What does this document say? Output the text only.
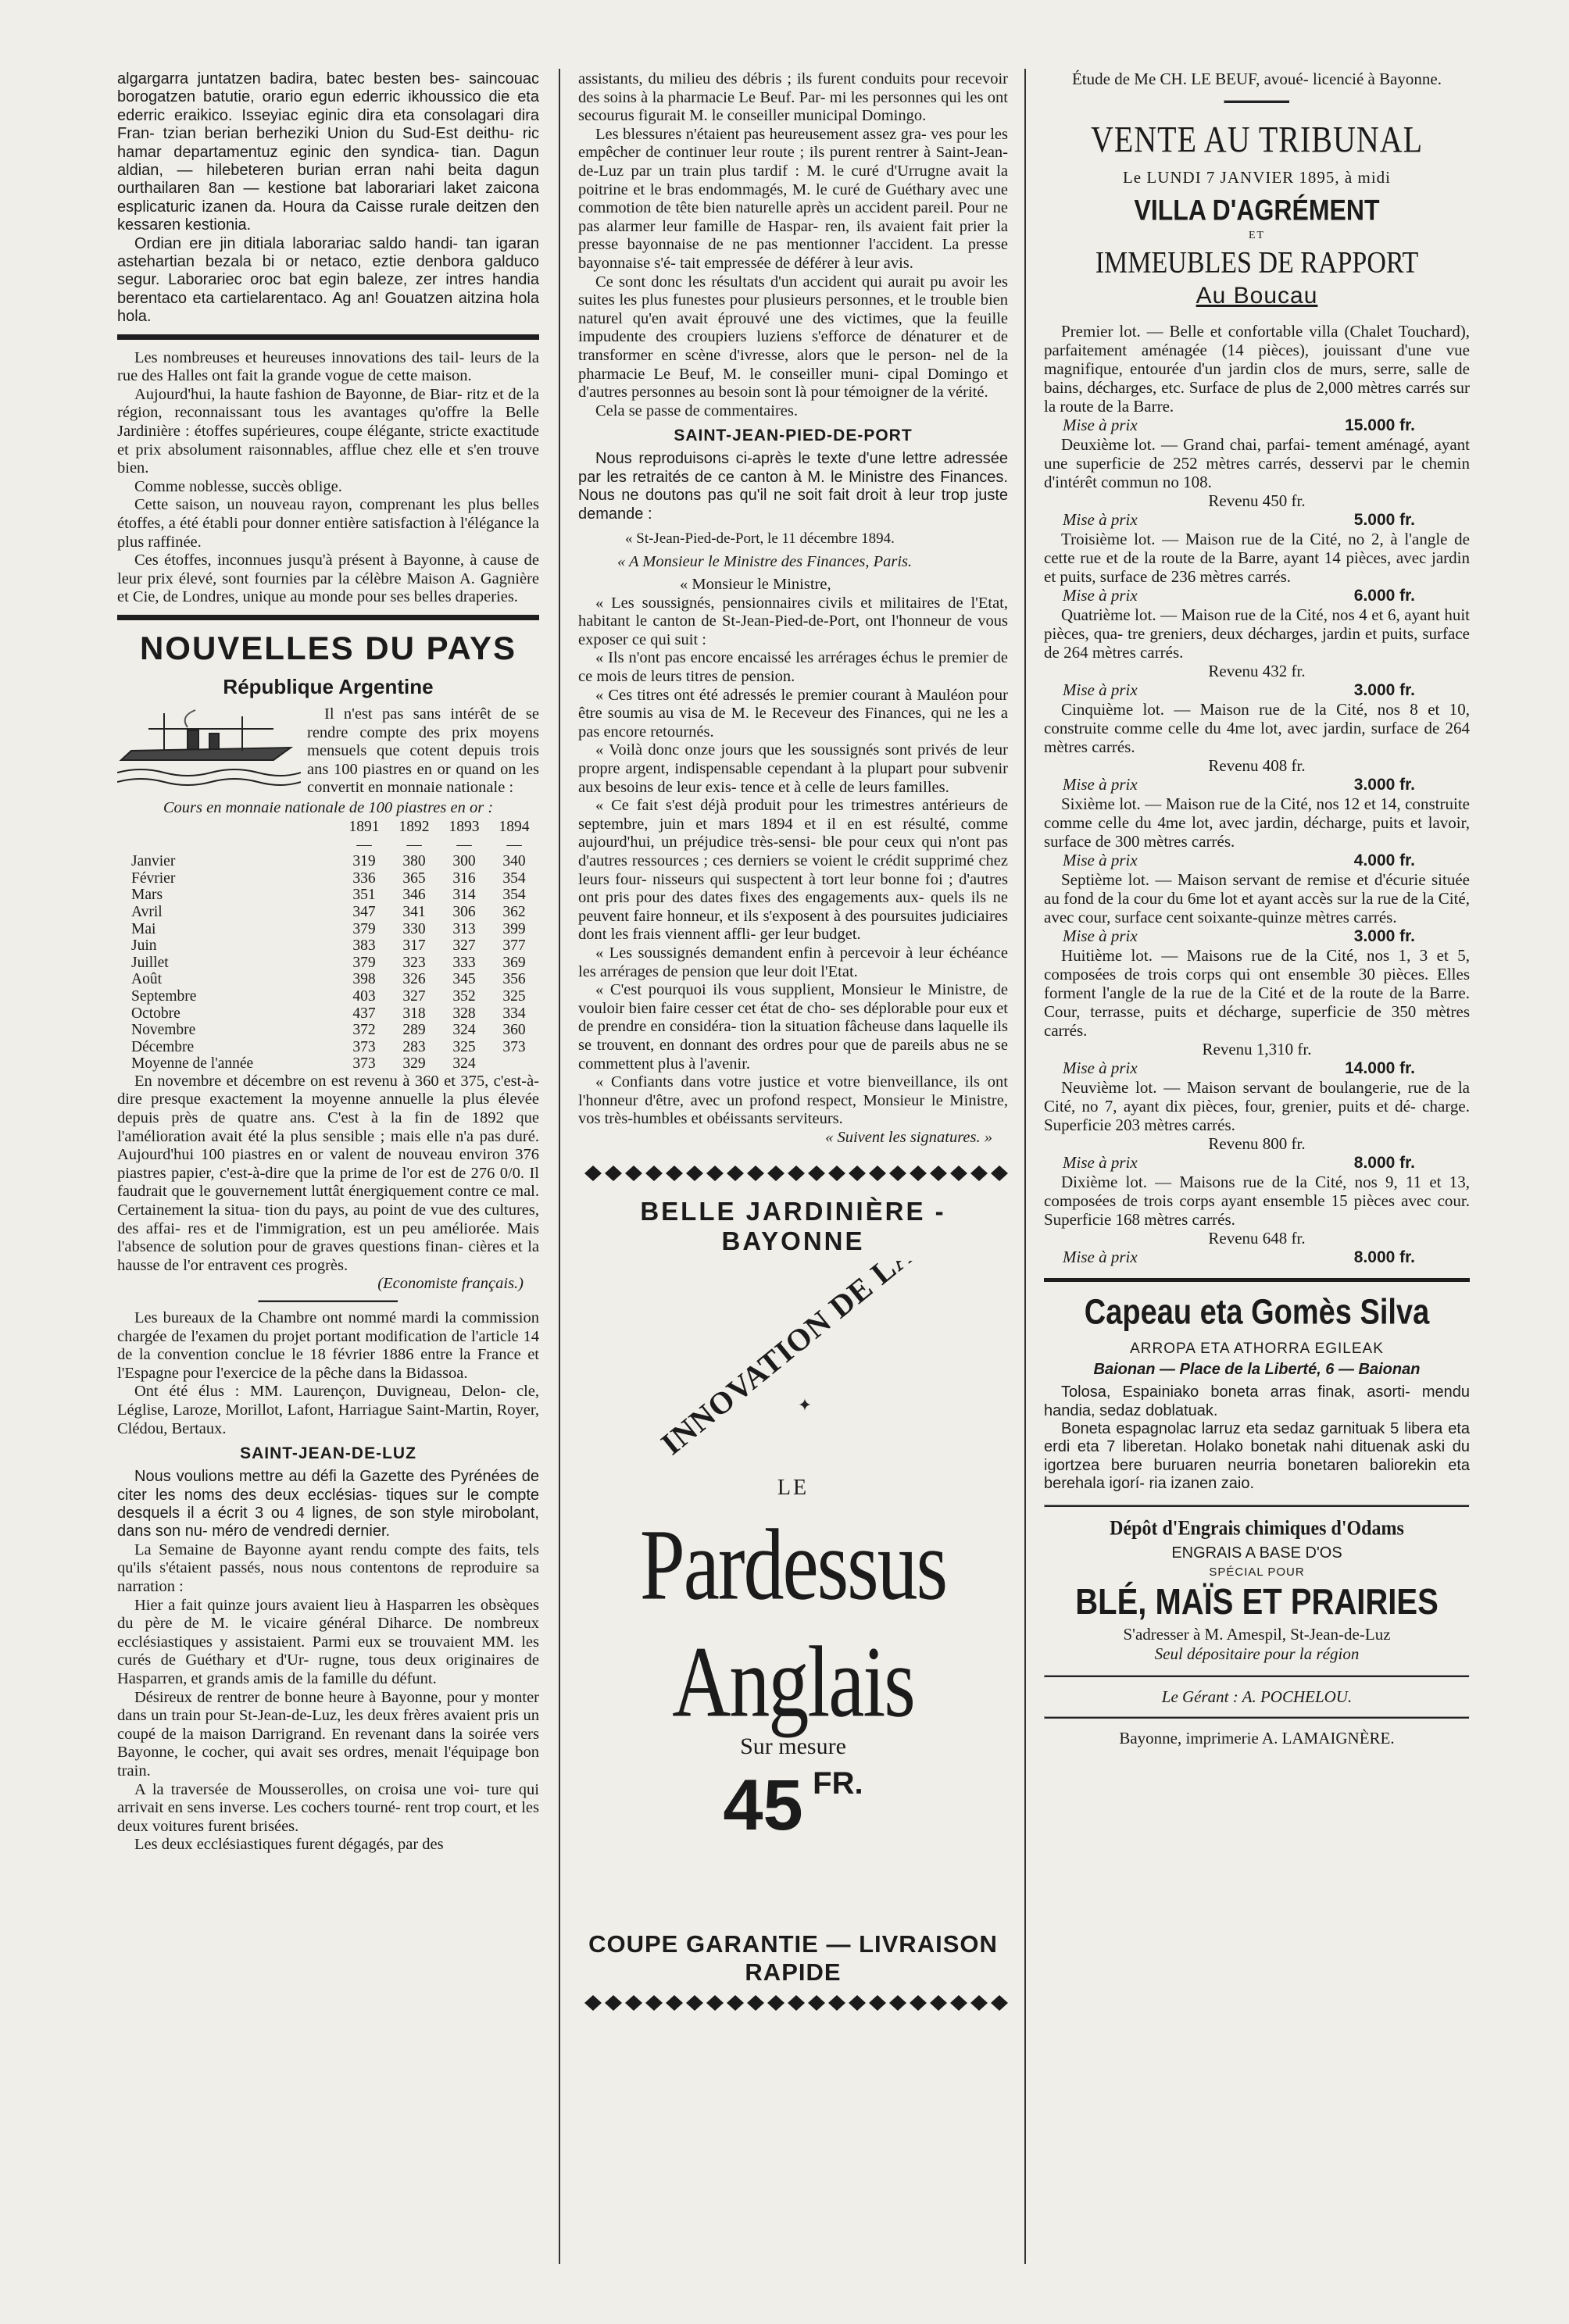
algargarra juntatzen badira, batec besten bes- saincouac borogatzen batutie, orario egun ederric ikhoussico die eta ederric eraikico. Isseyiac eginic dira eta consolagari dira Fran- tzian berian berheziki Union du Sud-Est deithu- ric hamar departamentuz eginic den syndica- tian. Dagun aldian, — hilebeteren burian erran nahi beita dagun ourthailaren 8an — kestione bat laborariari laket zaicona esplicaturic izanen da. Houra da Caisse rurale deitzen den kessaren kestionia.

Ordian ere jin ditiala laborariac saldo handi- tan igaran astehartian bezala bi or netaco, eztie denbora galduco segur. Laborariec oroc bat egin baleze, zer intres handia berentaco eta cartielarentaco. Ag an! Gouatzen aitzina hola hola.

Les nombreuses et heureuses innovations des tail- leurs de la rue des Halles ont fait la grande vogue de cette maison.

Aujourd'hui, la haute fashion de Bayonne, de Biar- ritz et de la région, reconnaissant tous les avantages qu'offre la Belle Jardinière : étoffes supérieures, coupe élégante, stricte exactitude et prix absolument raisonnables, afflue chez elle et s'en trouve bien.

Comme noblesse, succès oblige.

Cette saison, un nouveau rayon, comprenant les plus belles étoffes, a été établi pour donner entière satisfaction à l'élégance la plus raffinée.

Ces étoffes, inconnues jusqu'à présent à Bayonne, à cause de leur prix élevé, sont fournies par la célèbre Maison A. Gagnière et Cie, de Londres, unique au monde pour ses belles draperies.

NOUVELLES DU PAYS
République Argentine

Il n'est pas sans intérêt de se rendre compte des prix moyens mensuels que cotent depuis trois ans 100 piastres en or quand on les convertit en monnaie nationale :

Cours en monnaie nationale de 100 piastres en or :

	1891	1892	1893	1894
	—	—	—	—
Janvier	319	380	300	340
Février	336	365	316	354
Mars	351	346	314	354
Avril	347	341	306	362
Mai	379	330	313	399
Juin	383	317	327	377
Juillet	379	323	333	369
Août	398	326	345	356
Septembre	403	327	352	325
Octobre	437	318	328	334
Novembre	372	289	324	360
Décembre	373	283	325	373
Moyenne de l'année	373	329	324	

En novembre et décembre on est revenu à 360 et 375, c'est-à-dire presque exactement la moyenne annuelle la plus élevée depuis près de quatre ans. C'est à la fin de 1892 que l'amélioration avait été la plus sensible ; mais elle n'a pas duré. Aujourd'hui 100 piastres en or valent de nouveau environ 376 piastres papier, c'est-à-dire que la prime de l'or est de 276 0/0. Il faudrait que le gouvernement luttât énergiquement contre ce mal. Certainement la situa- tion du pays, au point de vue des cultures, des affai- res et de l'immigration, est un peu améliorée. Mais l'absence de solution pour de graves questions finan- cières et la hausse de l'or entravent ces progrès.

(Economiste français.)

Les bureaux de la Chambre ont nommé mardi la commission chargée de l'examen du projet portant modification de l'article 14 de la convention conclue le 18 février 1886 entre la France et l'Espagne pour l'exercice de la pêche dans la Bidassoa.

Ont été élus : MM. Laurençon, Duvigneau, Delon- cle, Léglise, Laroze, Morillot, Lafont, Harriague Saint-Martin, Royer, Clédou, Bertaux.

SAINT-JEAN-DE-LUZ

Nous voulions mettre au défi la Gazette des Pyrénées de citer les noms des deux ecclésias- tiques sur le compte desquels il a écrit 3 ou 4 lignes, de son style mirobolant, dans son nu- méro de vendredi dernier.

La Semaine de Bayonne ayant rendu compte des faits, tels qu'ils s'étaient passés, nous nous contentons de reproduire sa narration :

Hier a fait quinze jours avaient lieu à Hasparren les obsèques du père de M. le vicaire général Diharce. De nombreux ecclésiastiques y assistaient. Parmi eux se trouvaient MM. les curés de Guéthary et d'Ur- rugne, tous deux originaires de Hasparren, et grands amis de la famille du défunt.

Désireux de rentrer de bonne heure à Bayonne, pour y monter dans un train pour St-Jean-de-Luz, les deux frères avaient pris un coupé de la maison Darrigrand. En revenant dans la soirée vers Bayonne, le cocher, qui avait ses ordres, menait l'équipage bon train.

A la traversée de Mousserolles, on croisa une voi- ture qui arrivait en sens inverse. Les cochers tourné- rent trop court, et les deux voitures furent brisées.

Les deux ecclésiastiques furent dégagés, par des

assistants, du milieu des débris ; ils furent conduits pour recevoir des soins à la pharmacie Le Beuf. Par- mi les personnes qui les ont secourus figurait M. le conseiller municipal Domingo.

Les blessures n'étaient pas heureusement assez gra- ves pour les empêcher de continuer leur route ; ils purent rentrer à Saint-Jean-de-Luz par un train plus tardif : M. le curé d'Urrugne avait la poitrine et le bras endommagés, M. le curé de Guéthary avec une commotion de tête bien naturelle après un accident pareil. Pour ne pas alarmer leur famille de Haspar- ren, ils avaient fait prier la presse bayonnaise de ne pas mentionner l'accident. La presse bayonnaise s'é- tait empressée de déférer à leur avis.

Ce sont donc les résultats d'un accident qui aurait pu avoir les suites les plus funestes pour plusieurs personnes, et le trouble bien naturel qu'en avait éprouvé une des victimes, que la feuille impudente des croupiers luziens s'efforce de dénaturer et de transformer en scène d'ivresse, alors que le person- nel de la pharmacie Le Beuf, M. le conseiller muni- cipal Domingo et d'autres personnes au besoin sont là pour témoigner de la vérité.

Cela se passe de commentaires.

SAINT-JEAN-PIED-DE-PORT

Nous reproduisons ci-après le texte d'une lettre adressée par les retraités de ce canton à M. le Ministre des Finances. Nous ne doutons pas qu'il ne soit fait droit à leur trop juste demande :

« St-Jean-Pied-de-Port, le 11 décembre 1894.

« A Monsieur le Ministre des Finances, Paris.

« Monsieur le Ministre,

« Les soussignés, pensionnaires civils et militaires de l'Etat, habitant le canton de St-Jean-Pied-de-Port, ont l'honneur de vous exposer ce qui suit :

« Ils n'ont pas encore encaissé les arrérages échus le premier de ce mois de leurs titres de pension.

« Ces titres ont été adressés le premier courant à Mauléon pour être soumis au visa de M. le Receveur des Finances, qui ne les a pas encore retournés.

« Voilà donc onze jours que les soussignés sont privés de leur propre argent, indispensable cependant à la plupart pour subvenir aux besoins de leur exis- tence et à celle de leurs familles.

« Ce fait s'est déjà produit pour les trimestres antérieurs de septembre, juin et mars 1894 et il en est résulté, comme aujourd'hui, un préjudice très-sensi- ble pour ceux qui n'ont pas d'autres ressources ; ces derniers se voient le crédit supprimé chez leurs four- nisseurs qui suspectent à tort leur bonne foi ; d'autres ont pris pour des dates fixes des engagements aux- quels ils ne peuvent faire honneur, et ils s'exposent à des poursuites judiciaires dont les frais viennent affli- ger leur budget.

« Les soussignés demandent enfin à percevoir à leur échéance les arrérages de pension que leur doit l'Etat.

« C'est pourquoi ils vous supplient, Monsieur le Ministre, de vouloir bien faire cesser cet état de cho- ses déplorable pour eux et de prendre en considéra- tion la situation fâcheuse dans laquelle ils se trouvent, en donnant des ordres pour que de pareils abus ne se commettent plus à l'avenir.

« Confiants dans votre justice et votre bienveillance, ils ont l'honneur d'être, avec un profond respect, Monsieur le Ministre, vos très-humbles et obéissants serviteurs.

« Suivent les signatures. »

BELLE JARDINIÈRE - BAYONNE
INNOVATION DE L
✦
LE
Pardessus Anglais
Sur mesure
45 FR.
COUPE GARANTIE — LIVRAISON RAPIDE

Étude de Me CH. LE BEUF, avoué- licencié à Bayonne.

VENTE AU TRIBUNAL

Le LUNDI 7 JANVIER 1895, à midi

VILLA D'AGRÉMENT
ET
IMMEUBLES DE RAPPORT
Au Boucau

Premier lot. — Belle et confortable villa (Chalet Touchard), parfaitement aménagée (14 pièces), jouissant d'une vue magnifique, entourée d'un jardin clos de murs, serre, salle de bains, décharges, etc. Surface de plus de 2,000 mètres carrés sur la route de la Barre.

Mise à prix	15.000 fr.

Deuxième lot. — Grand chai, parfai- tement aménagé, ayant une superficie de 252 mètres carrés, desservi par le chemin d'intérêt commun no 108.

Revenu 450 fr.
Mise à prix	5.000 fr.

Troisième lot. — Maison rue de la Cité, no 2, à l'angle de cette rue et de la route de la Barre, ayant 14 pièces, avec jardin et puits, surface de 236 mètres carrés.

Mise à prix	6.000 fr.

Quatrième lot. — Maison rue de la Cité, nos 4 et 6, ayant huit pièces, qua- tre greniers, deux décharges, jardin et puits, surface de 264 mètres carrés.

Revenu 432 fr.
Mise à prix	3.000 fr.

Cinquième lot. — Maison rue de la Cité, nos 8 et 10, construite comme celle du 4me lot, avec jardin, surface de 264 mètres carrés.

Revenu 408 fr.
Mise à prix	3.000 fr.

Sixième lot. — Maison rue de la Cité, nos 12 et 14, construite comme celle du 4me lot, avec jardin, décharge, puits et lavoir, surface de 300 mètres carrés.

Mise à prix	4.000 fr.

Septième lot. — Maison servant de remise et d'écurie située au fond de la cour du 6me lot et ayant accès sur la rue de la Cité, avec cour, surface cent soixante-quinze mètres carrés.

Mise à prix	3.000 fr.

Huitième lot. — Maisons rue de la Cité, nos 1, 3 et 5, composées de trois corps qui ont ensemble 30 pièces. Elles forment l'angle de la rue de la Cité et de la route de la Barre. Cour, terrasse, puits et décharge, superficie de 350 mètres carrés.

Revenu 1,310 fr.
Mise à prix	14.000 fr.

Neuvième lot. — Maison servant de boulangerie, rue de la Cité, no 7, ayant dix pièces, four, grenier, puits et dé- charge. Superficie 203 mètres carrés.

Revenu 800 fr.
Mise à prix	8.000 fr.

Dixième lot. — Maisons rue de la Cité, nos 9, 11 et 13, composées de trois corps ayant ensemble 15 pièces avec cour. Superficie 168 mètres carrés.

Revenu 648 fr.
Mise à prix	8.000 fr.
Capeau eta Gomès Silva
ARROPA ETA ATHORRA EGILEAK
Baionan — Place de la Liberté, 6 — Baionan

Tolosa, Espainiako boneta arras finak, asorti- mendu handia, sedaz doblatuak.

Boneta espagnolac larruz eta sedaz garnituak 5 libera eta erdi eta 7 liberetan. Holako bonetak nahi dituenak aski du igortzea bere buruaren neurria bonetaren baliorekin eta berehala igorí- ria izanen zaio.

Dépôt d'Engrais chimiques d'Odams
ENGRAIS A BASE D'OS
SPÉCIAL POUR
BLÉ, MAÏS ET PRAIRIES
S'adresser à M. Amespil, St-Jean-de-Luz
Seul dépositaire pour la région
Le Gérant : A. POCHELOU.
Bayonne, imprimerie A. LAMAIGNÈRE.
